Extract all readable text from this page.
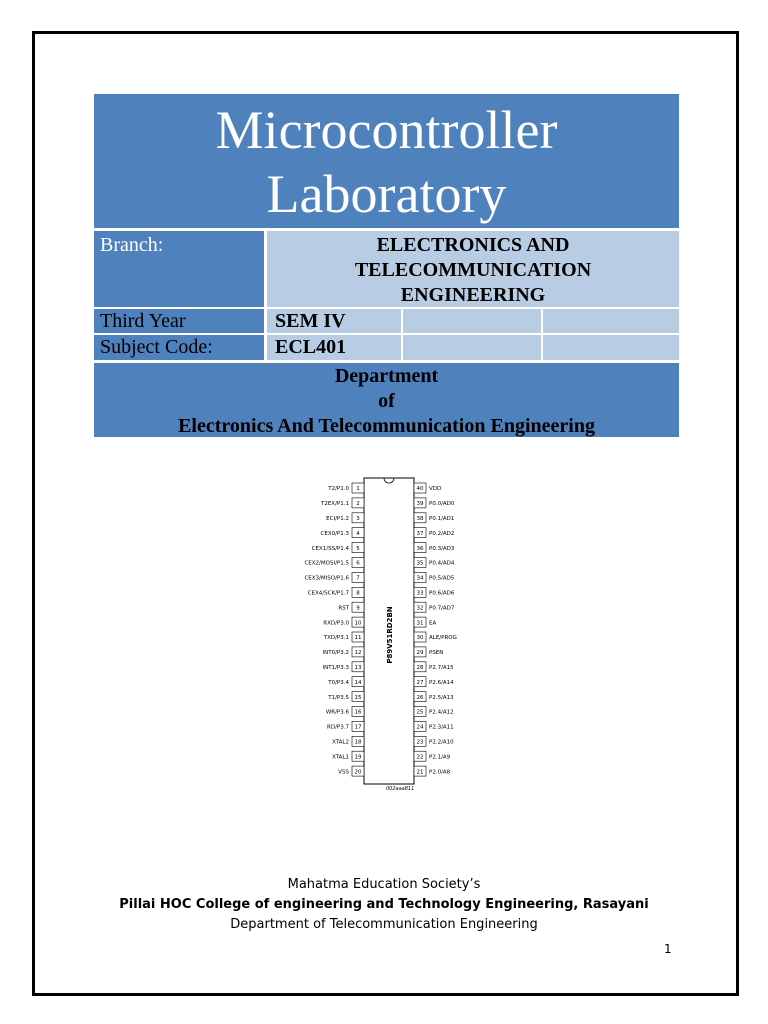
Microcontroller
Laboratory
Branch:	ELECTRONICS AND
TELECOMMUNICATION
ENGINEERING
Third Year	SEM IV
Subject Code:	ECL401
Department
of
Electronics And Telecommunication Engineering
P89V51RD2BN
002aaa811
1
T2/P1.0
2
T2EX/P1.1
3
ECI/P1.2
4
CEX0/P1.3
5
CEX1/SS/P1.4
6
CEX2/MOSI/P1.5
7
CEX3/MISO/P1.6
8
CEX4/SCK/P1.7
9
RST
10
RXD/P3.0
11
TXD/P3.1
12
INT0/P3.2
13
INT1/P3.3
14
T0/P3.4
15
T1/P3.5
16
WR/P3.6
17
RD/P3.7
18
XTAL2
19
XTAL1
20
VSS
40 VDD
39 P0.0/AD0
38 P0.1/AD1
37 P0.2/AD2
36 P0.3/AD3
35 P0.4/AD4
34 P0.5/AD5
33 P0.6/AD6
32 P0.7/AD7
31 EA
30 ALE/PROG
29 PSEN
28 P2.7/A15
27 P2.6/A14
26 P2.5/A13
25 P2.4/A12
24 P2.3/A11
23 P2.2/A10
22 P2.1/A9
21 P2.0/A8
Mahatma Education Society’s
Pillai HOC College of engineering and Technology Engineering, Rasayani
Department of Telecommunication Engineering
1
